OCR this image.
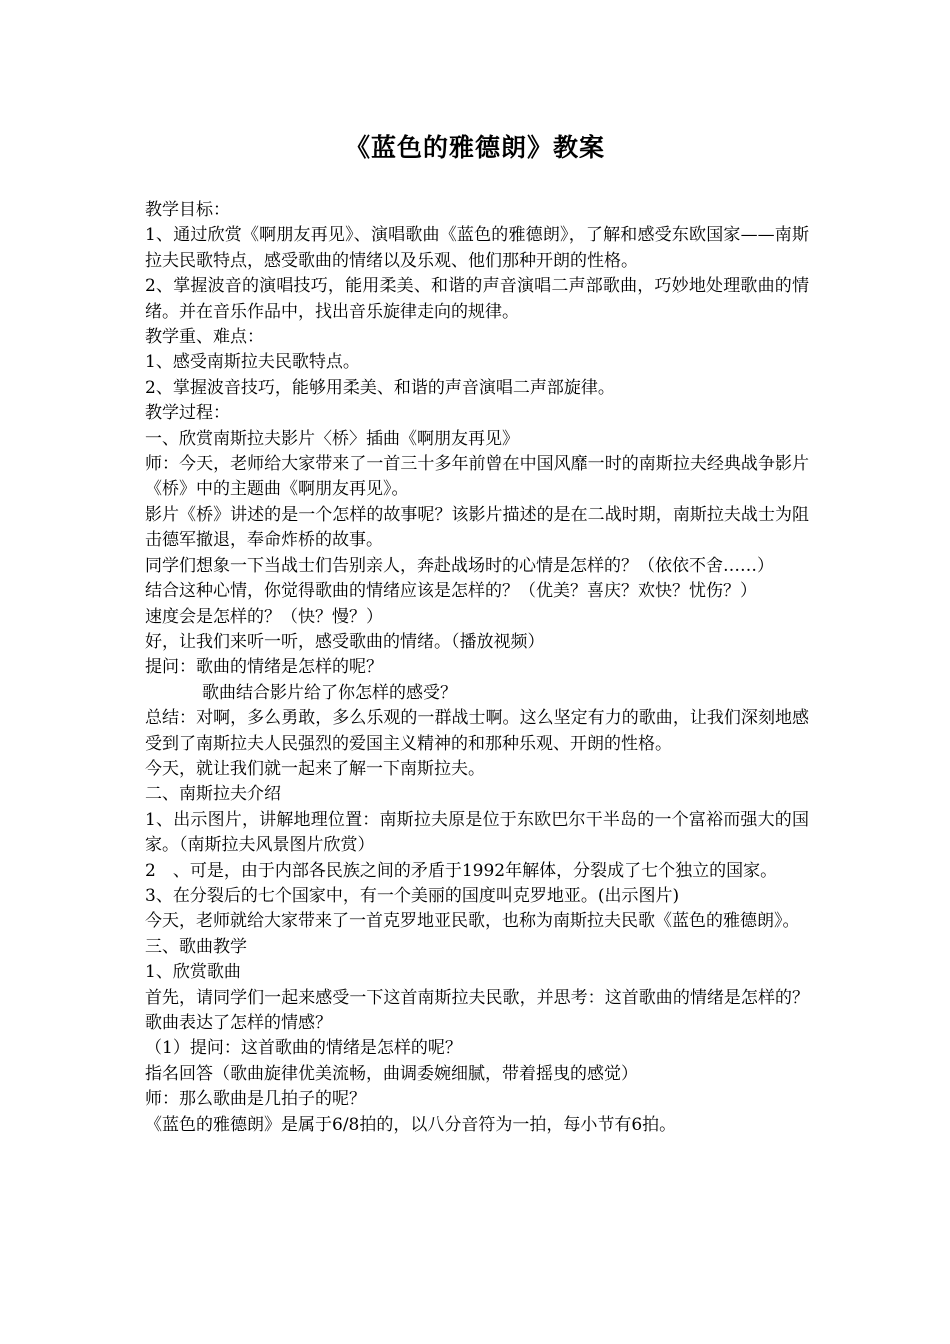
《蓝色的雅德朗》教案

教学目标：

1、通过欣赏《啊朋友再见》、演唱歌曲《蓝色的雅德朗》，了解和感受东欧国家——南斯拉夫民歌特点，感受歌曲的情绪以及乐观、他们那种开朗的性格。

2、掌握波音的演唱技巧，能用柔美、和谐的声音演唱二声部歌曲，巧妙地处理歌曲的情绪。并在音乐作品中，找出音乐旋律走向的规律。

教学重、难点：

1、感受南斯拉夫民歌特点。

2、掌握波音技巧，能够用柔美、和谐的声音演唱二声部旋律。

教学过程：

一、欣赏南斯拉夫影片〈桥〉插曲《啊朋友再见》

师：今天，老师给大家带来了一首三十多年前曾在中国风靡一时的南斯拉夫经典战争影片《桥》中的主题曲《啊朋友再见》。

影片《桥》讲述的是一个怎样的故事呢？该影片描述的是在二战时期，南斯拉夫战士为阻击德军撤退，奉命炸桥的故事。

同学们想象一下当战士们告别亲人，奔赴战场时的心情是怎样的？（依依不舍……）

结合这种心情，你觉得歌曲的情绪应该是怎样的？（优美？喜庆？欢快？忧伤？）

速度会是怎样的？（快？慢？）

好，让我们来听一听，感受歌曲的情绪。（播放视频）

提问：歌曲的情绪是怎样的呢？

歌曲结合影片给了你怎样的感受？

总结：对啊，多么勇敢，多么乐观的一群战士啊。这么坚定有力的歌曲，让我们深刻地感受到了南斯拉夫人民强烈的爱国主义精神的和那种乐观、开朗的性格。

今天，就让我们就一起来了解一下南斯拉夫。

二、南斯拉夫介绍

1、出示图片，讲解地理位置：南斯拉夫原是位于东欧巴尔干半岛的一个富裕而强大的国家。（南斯拉夫风景图片欣赏）

2　、可是，由于内部各民族之间的矛盾于1992年解体，分裂成了七个独立的国家。

3、在分裂后的七个国家中，有一个美丽的国度叫克罗地亚。(出示图片)

今天，老师就给大家带来了一首克罗地亚民歌，也称为南斯拉夫民歌《蓝色的雅德朗》。

三、歌曲教学

1、欣赏歌曲

首先，请同学们一起来感受一下这首南斯拉夫民歌，并思考：这首歌曲的情绪是怎样的？歌曲表达了怎样的情感？

（1）提问：这首歌曲的情绪是怎样的呢？

指名回答（歌曲旋律优美流畅，曲调委婉细腻，带着摇曳的感觉）

师：那么歌曲是几拍子的呢？

《蓝色的雅德朗》是属于6/8拍的，以八分音符为一拍，每小节有6拍。
